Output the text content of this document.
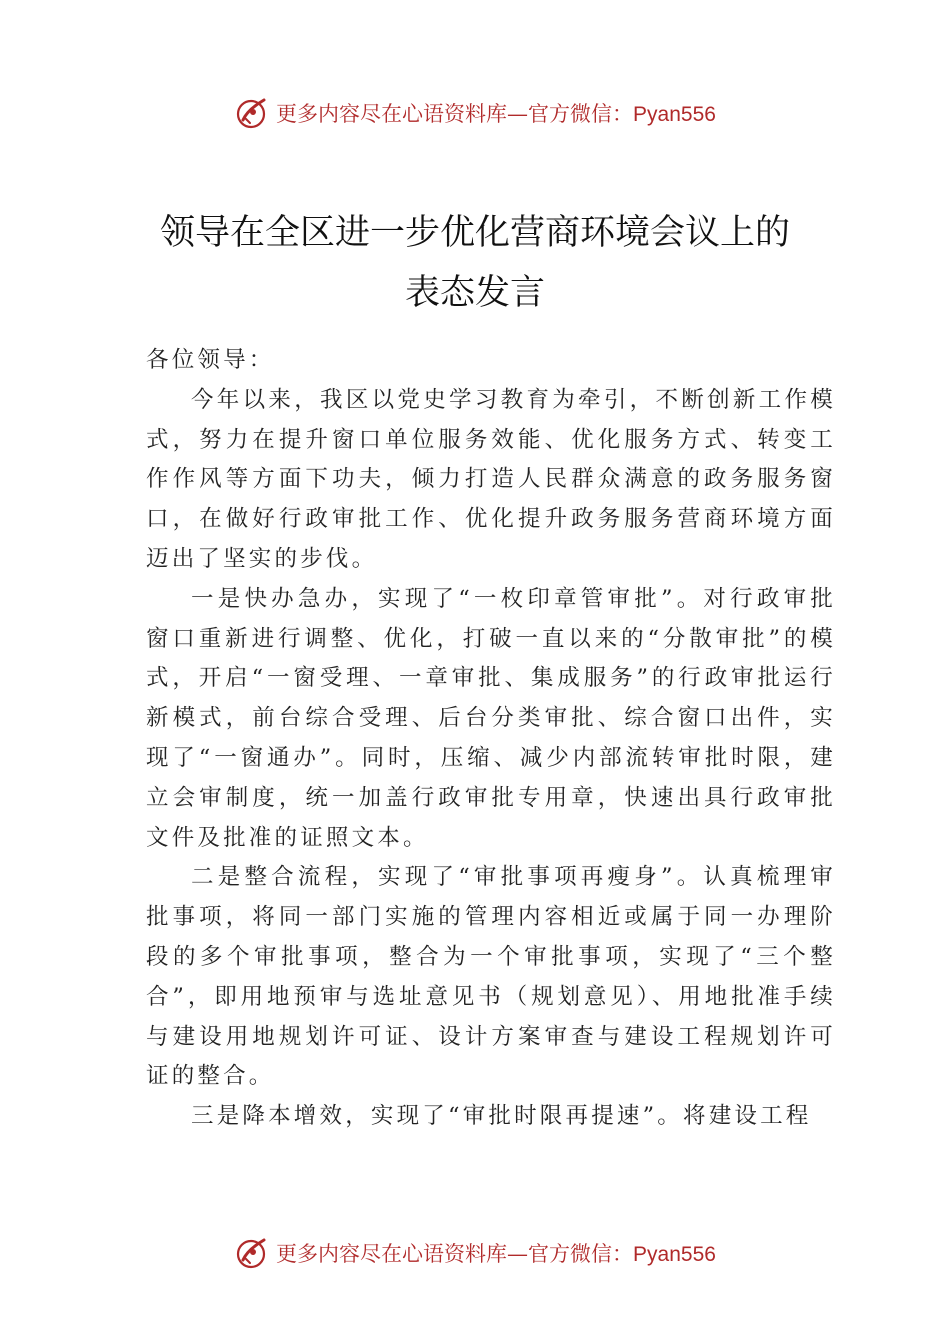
更多内容尽在心语资料库—官方微信：Pyan556
领导在全区进一步优化营商环境会议上的
表态发言

各位领导：

今年以来，我区以党史学习教育为牵引，不断创新工作模式，努力在提升窗口单位服务效能、优化服务方式、转变工作作风等方面下功夫，倾力打造人民群众满意的政务服务窗口，在做好行政审批工作、优化提升政务服务营商环境方面迈出了坚实的步伐。

一是快办急办，实现了“一枚印章管审批”。对行政审批窗口重新进行调整、优化，打破一直以来的“分散审批”的模式，开启“一窗受理、一章审批、集成服务”的行政审批运行新模式，前台综合受理、后台分类审批、综合窗口出件，实现了“一窗通办”。同时，压缩、减少内部流转审批时限，建立会审制度，统一加盖行政审批专用章，快速出具行政审批文件及批准的证照文本。

二是整合流程，实现了“审批事项再瘦身”。认真梳理审批事项，将同一部门实施的管理内容相近或属于同一办理阶段的多个审批事项，整合为一个审批事项，实现了“三个整合”，即用地预审与选址意见书（规划意见）、用地批准手续与建设用地规划许可证、设计方案审查与建设工程规划许可证的整合。

三是降本增效，实现了“审批时限再提速”。将建设工程

更多内容尽在心语资料库—官方微信：Pyan556
